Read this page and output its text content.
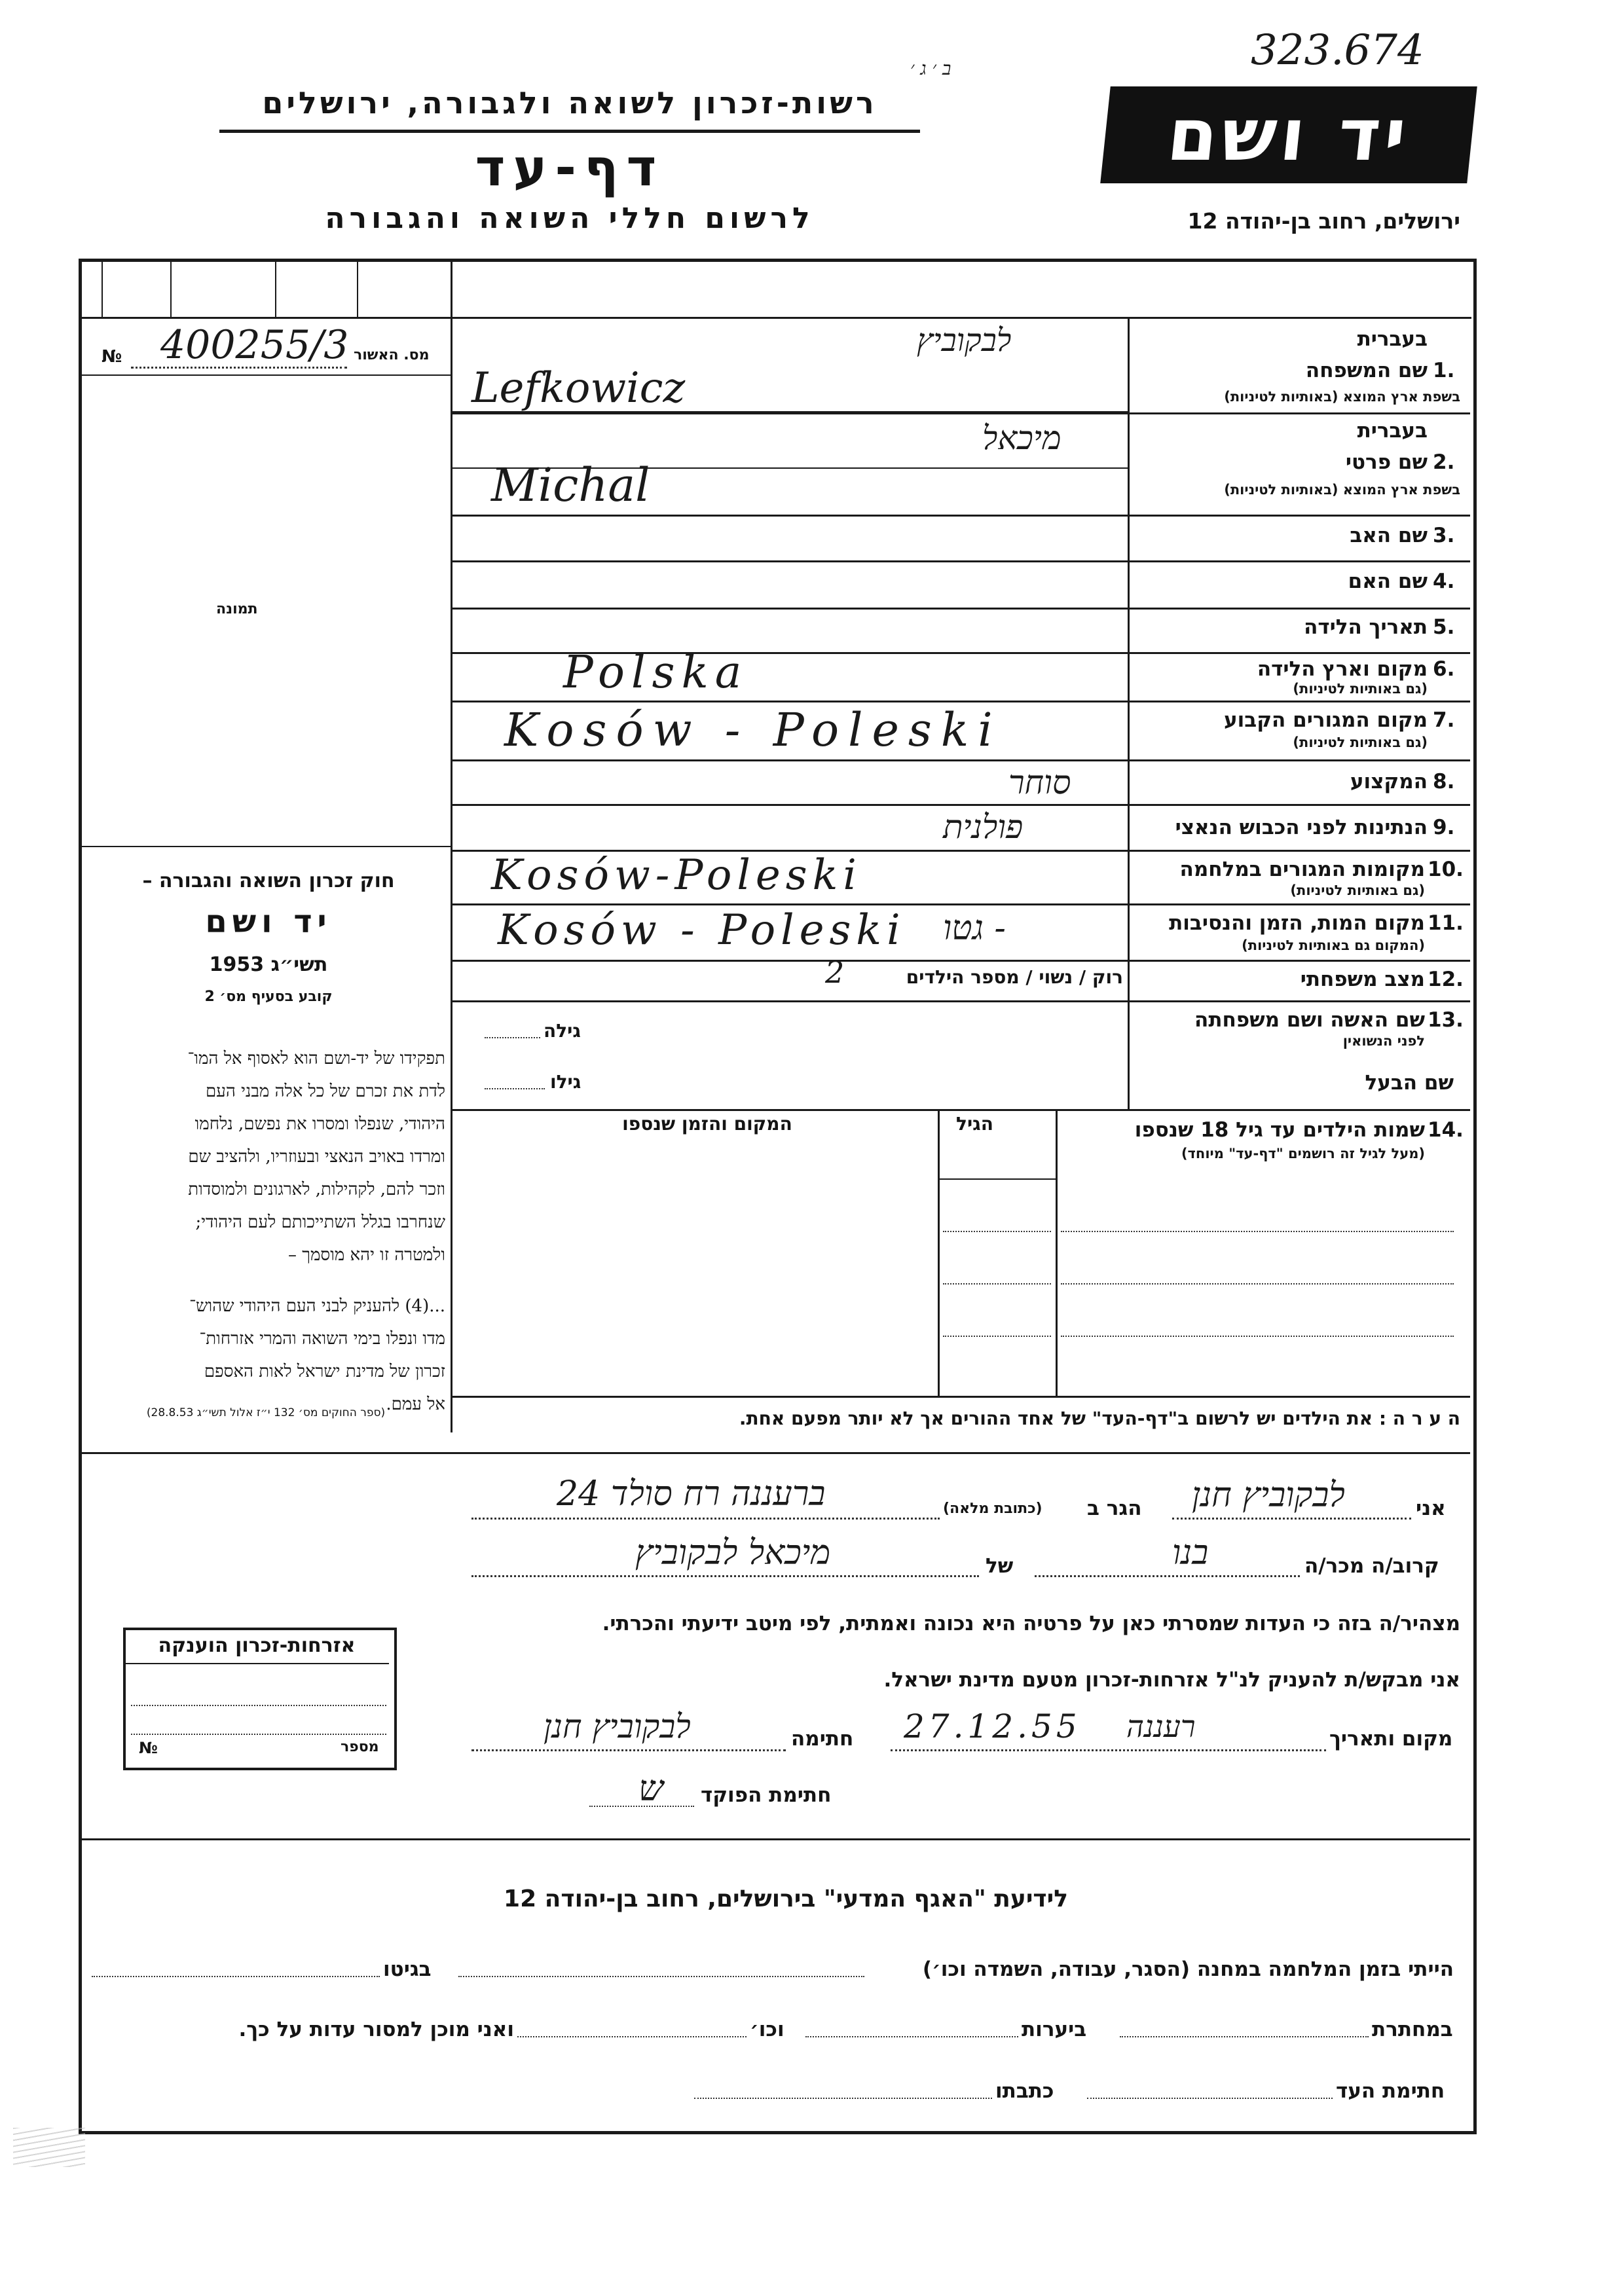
323.674
ב ׳ ג ׳
רשות-זכרון לשואה ולגבורה, ירושלים
דף-עד
לרשום חללי השואה והגבורה
יד ושם
ירושלים, רחוב בן-יהודה 12
№ 400255/3 מס. האשור
תמונה
חוק זכרון השואה והגבורה –
יד ושם
תשי״ג 1953
קובע בסעיף מס׳ 2
תפקידו של יד-ושם הוא לאסוף אל המו־
לדת את זכרם של כל אלה מבני העם
היהודי, שנפלו ומסרו את נפשם, נלחמו
ומרדו באויב הנאצי ובעוזריו, ולהציב שם
וזכר להם, לקהילות, לארגונים ולמוסדות
שנחרבו בגלל השתייכותם לעם היהודי;
ולמטרה זו יהא מוסמך –
...(4) להעניק לבני העם היהודי שהוש־
מדו ונפלו בימי השואה והמרי אזרחות־
זכרון של מדינת ישראל לאות האספם
אל עמם.
(ספר החוקים מס׳ 132 י״ז אלול תשי״ג 28.8.53)
בעברית
1.
שם המשפחה
בשפת ארץ המוצא (באותיות לטיניות)
לבקוביץ
Lefkowicz
בעברית
2.
שם פרטי
בשפת ארץ המוצא (באותיות לטיניות)
מיכאל
Michal
3.
שם האב
4.
שם האם
5.
תאריך הלידה
6.
מקום וארץ הלידה
(גם באותיות לטיניות)
Polska
7.
מקום המגורים הקבוע
(גם באותיות לטיניות)
Kosów - Poleski
8.
המקצוע
סוחר
9.
הנתינות לפני הכבוש הנאצי
פולנית
10.
מקומות המגורים במלחמה
(גם באותיות לטיניות)
Kosów-Poleski
11.
מקום המות, הזמן והנסיבות
(המקום גם באותיות לטיניות)
Kosów - Poleski - גטו
12.
מצב משפחתי
רוק / נשוי / מספר הילדים
2
13.
שם האשה ושם משפחתה
לפני הנשואין
גילה
שם הבעל
גילו
14.
שמות הילדים עד גיל 18 שנספו
(מעל לגיל זה רושמים "דף-עד" מיוחד)
הגיל
המקום והזמן שנספו
ה ע ר ה : את הילדים יש לרשום ב"דף-העד" של אחד ההורים אך לא יותר מפעם אחת.
אני
לבקוביץ חנן
הגר ב
(כתובת מלאה)
ברעננה רח סולד 24
קרוב/ה מכר/ה
בנו
של
מיכאל לבקוביץ
מצהיר/ה בזה כי העדות שמסרתי כאן על פרטיה היא נכונה ואמתית, לפי מיטב ידיעתי והכרתי.
אני מבקש/ת להעניק לנ"ל אזרחות-זכרון מטעם מדינת ישראל.
מקום ותאריך
רעננה
27.12.55
חתימה
לבקוביץ חנן
חתימת הפוקד
ש
אזרחות-זכרון הוענקה
№	מספר
לידיעת "האגף המדעי" בירושלים, רחוב בן-יהודה 12
הייתי בזמן המלחמה במחנה (הסגר, עבודה, השמדה וכו׳)
בגיטו
במחתרת
ביערות
וכו׳
ואני מוכן למסור עדות על כך.
חתימת העד
כתבתו
